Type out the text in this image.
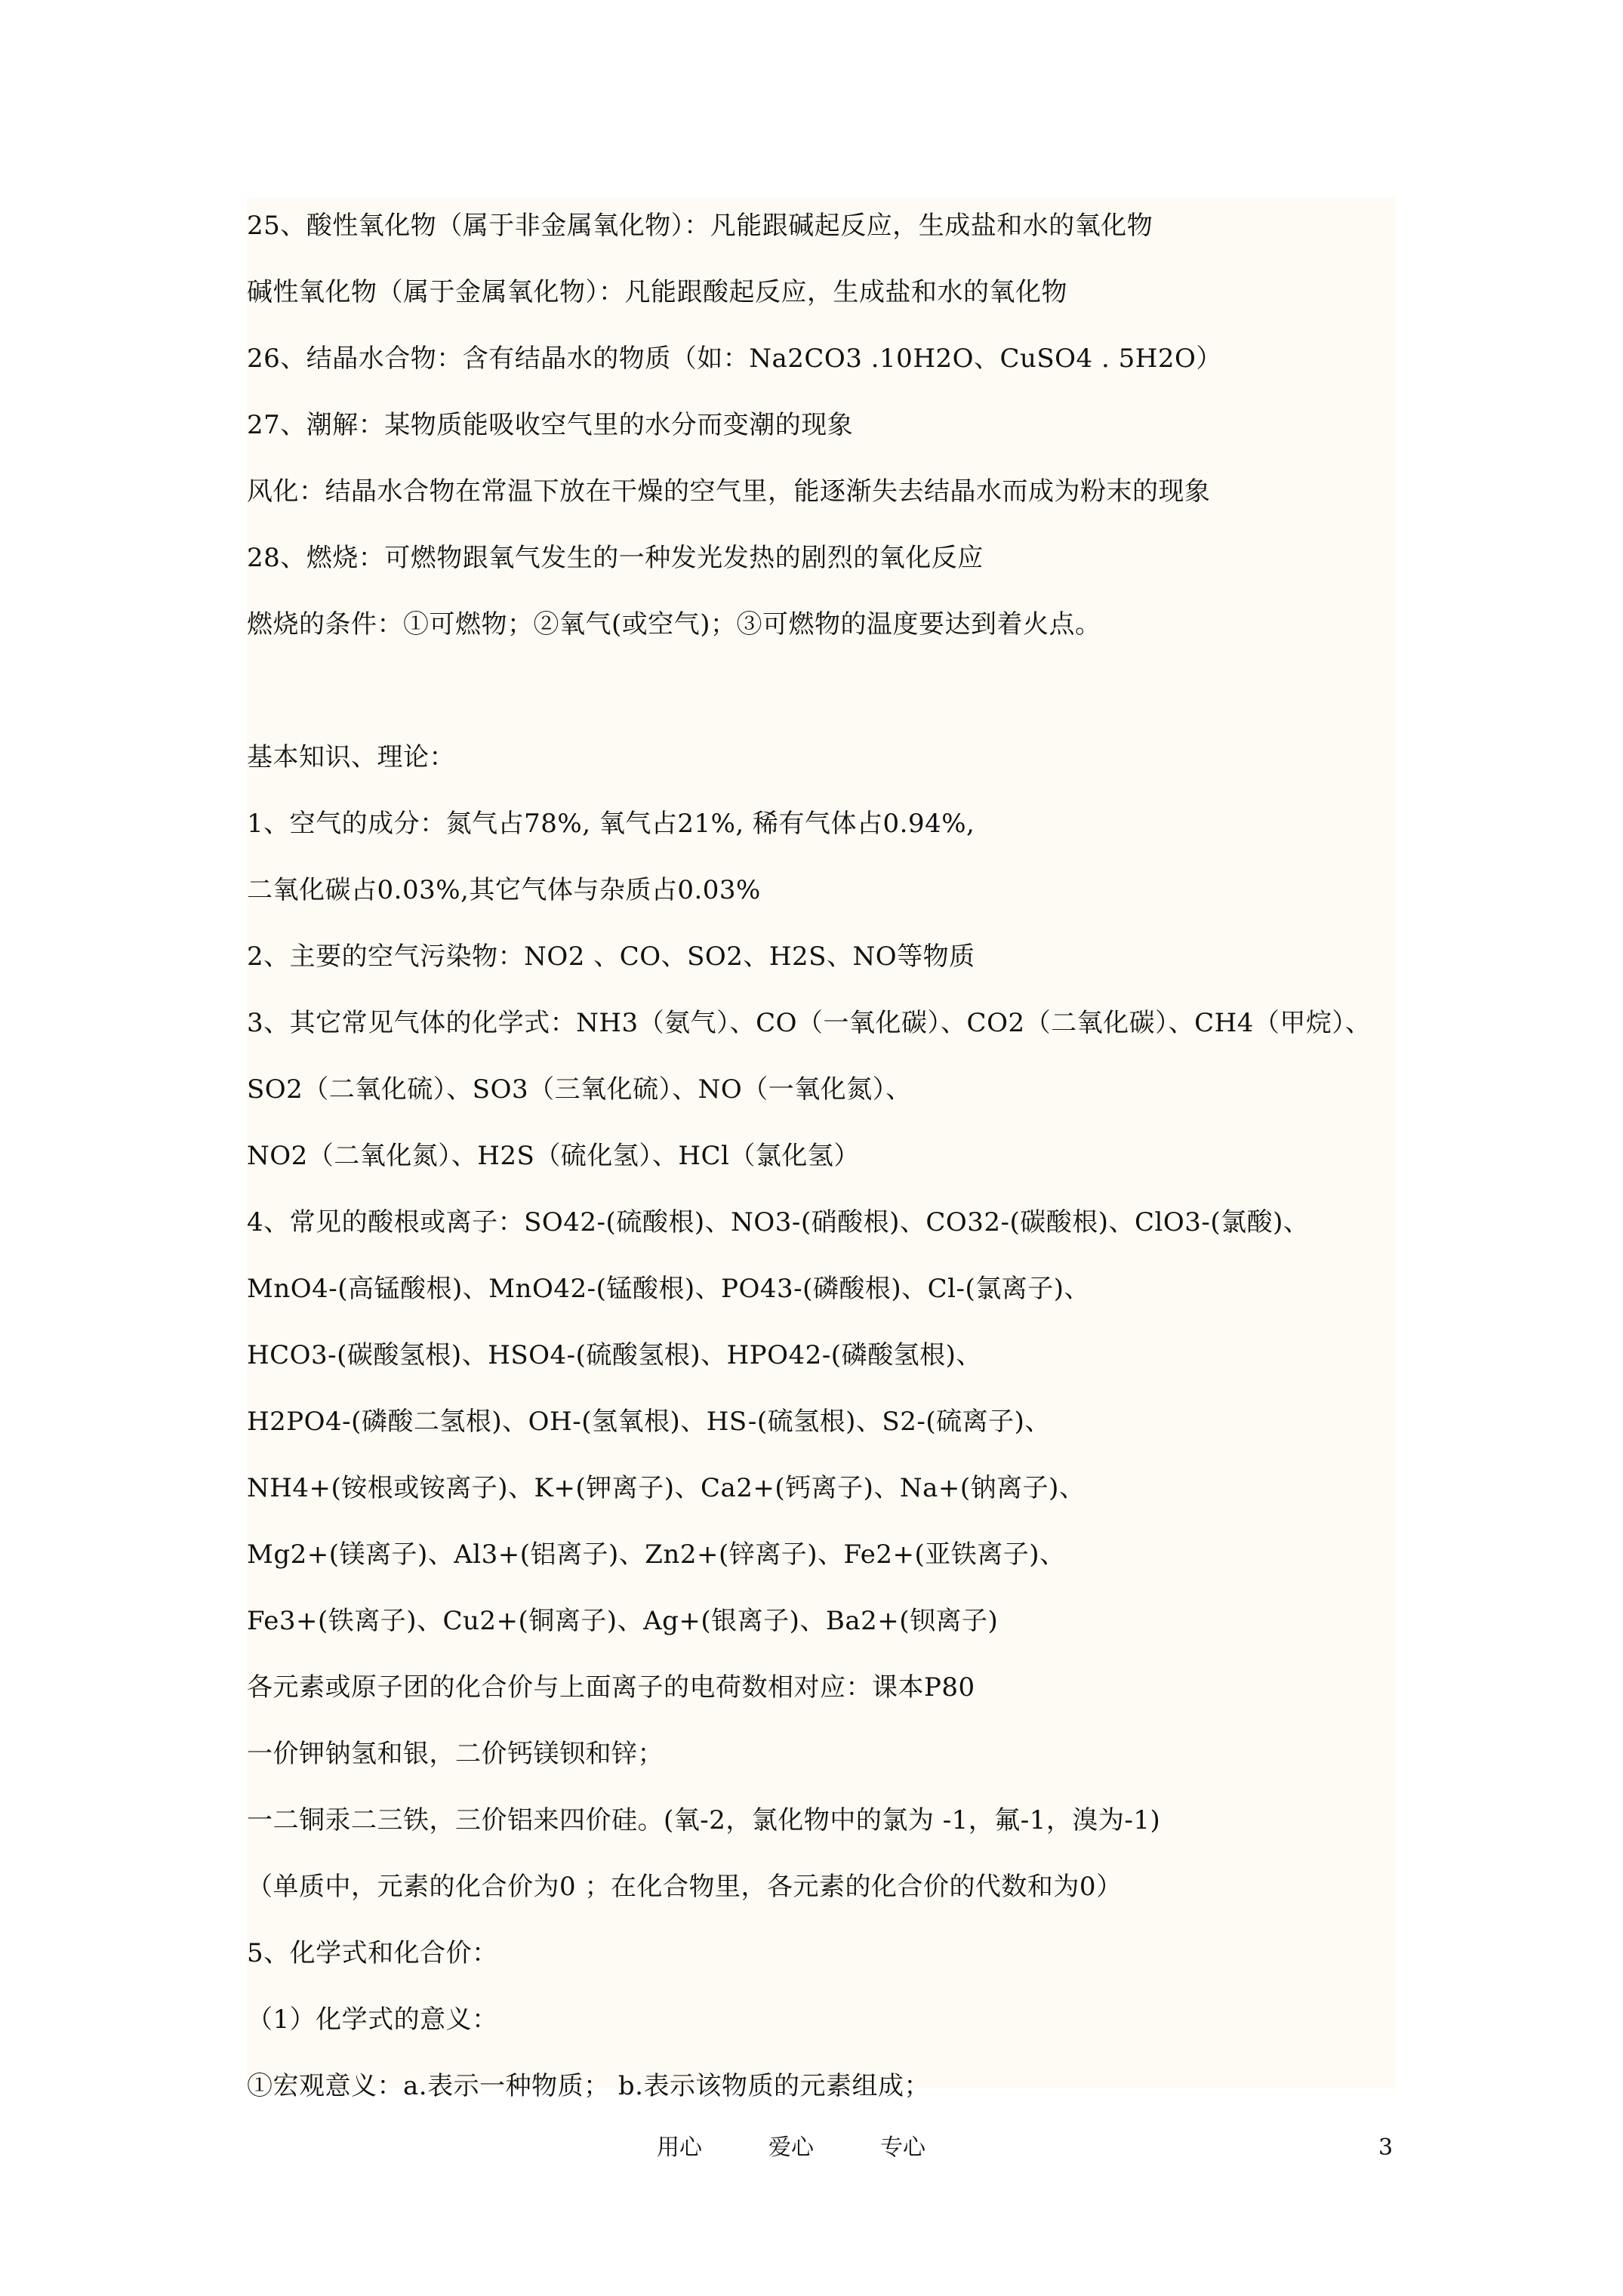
25、酸性氧化物（属于非金属氧化物）：凡能跟碱起反应，生成盐和水的氧化物
碱性氧化物（属于金属氧化物）：凡能跟酸起反应，生成盐和水的氧化物
26、结晶水合物：含有结晶水的物质（如：Na2CO3 .10H2O、CuSO4 . 5H2O）
27、潮解：某物质能吸收空气里的水分而变潮的现象
风化：结晶水合物在常温下放在干燥的空气里，能逐渐失去结晶水而成为粉末的现象
28、燃烧：可燃物跟氧气发生的一种发光发热的剧烈的氧化反应
燃烧的条件：①可燃物；②氧气(或空气)；③可燃物的温度要达到着火点。
基本知识、理论：
1、空气的成分：氮气占78%, 氧气占21%, 稀有气体占0.94%,
二氧化碳占0.03%,其它气体与杂质占0.03%
2、主要的空气污染物：NO2 、CO、SO2、H2S、NO等物质
3、其它常见气体的化学式：NH3（氨气）、CO（一氧化碳）、CO2（二氧化碳）、CH4（甲烷）、
SO2（二氧化硫）、SO3（三氧化硫）、NO（一氧化氮）、
NO2（二氧化氮）、H2S（硫化氢）、HCl（氯化氢）
4、常见的酸根或离子：SO42-(硫酸根)、NO3-(硝酸根)、CO32-(碳酸根)、ClO3-(氯酸)、
MnO4-(高锰酸根)、MnO42-(锰酸根)、PO43-(磷酸根)、Cl-(氯离子)、
HCO3-(碳酸氢根)、HSO4-(硫酸氢根)、HPO42-(磷酸氢根)、
H2PO4-(磷酸二氢根)、OH-(氢氧根)、HS-(硫氢根)、S2-(硫离子)、
NH4+(铵根或铵离子)、K+(钾离子)、Ca2+(钙离子)、Na+(钠离子)、
Mg2+(镁离子)、Al3+(铝离子)、Zn2+(锌离子)、Fe2+(亚铁离子)、
Fe3+(铁离子)、Cu2+(铜离子)、Ag+(银离子)、Ba2+(钡离子)
各元素或原子团的化合价与上面离子的电荷数相对应：课本P80
一价钾钠氢和银，二价钙镁钡和锌；
一二铜汞二三铁，三价铝来四价硅。(氧-2，氯化物中的氯为 -1，氟-1，溴为-1)
（单质中，元素的化合价为0 ；在化合物里，各元素的化合价的代数和为0）
5、化学式和化合价：
（1）化学式的意义：
①宏观意义：a.表示一种物质； b.表示该物质的元素组成；
用心	爱心	专心	3
